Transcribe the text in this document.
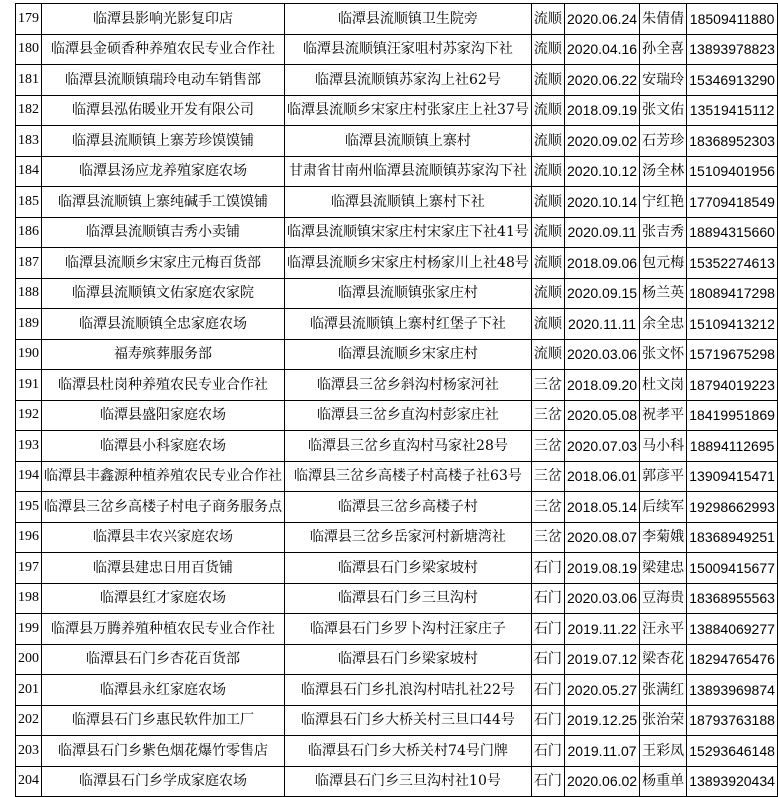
179	临潭县影响光影复印店	临潭县流顺镇卫生院旁	流顺	2020.06.24	朱倩倩	18509411880
180	临潭县金硕香种养殖农民专业合作社	临潭县流顺镇汪家咀村苏家沟下社	流顺	2020.04.16	孙全喜	13893978823
181	临潭县流顺镇瑞玲电动车销售部	临潭县流顺镇苏家沟上社62号	流顺	2020.06.22	安瑞玲	15346913290
182	临潭县泓佑暖业开发有限公司	临潭县流顺乡宋家庄村张家庄上社37号	流顺	2018.09.19	张文佑	13519415112
183	临潭县流顺镇上寨芳珍馍馍铺	临潭县流顺镇上寨村	流顺	2020.09.02	石芳珍	18368952303
184	临潭县汤应龙养殖家庭农场	甘肃省甘南州临潭县流顺镇苏家沟下社	流顺	2020.10.12	汤全林	15109401956
185	临潭县流顺镇上寨纯碱手工馍馍铺	临潭县流顺镇上寨村下社	流顺	2020.10.14	宁红艳	17709418549
186	临潭县流顺镇吉秀小卖铺	临潭县流顺镇宋家庄村宋家庄下社41号	流顺	2020.09.11	张吉秀	18894315660
187	临潭县流顺乡宋家庄元梅百货部	临潭县流顺乡宋家庄村杨家川上社48号	流顺	2018.09.06	包元梅	15352274613
188	临潭县流顺镇文佑家庭农家院	临潭县流顺镇张家庄村	流顺	2020.09.15	杨兰英	18089417298
189	临潭县流顺镇全忠家庭农场	临潭县流顺镇上寨村红堡子下社	流顺	2020.11.11	余全忠	15109413212
190	福寿殡葬服务部	临潭县流顺乡宋家庄村	流顺	2020.03.06	张文怀	15719675298
191	临潭县杜岗种养殖农民专业合作社	临潭县三岔乡斜沟村杨家河社	三岔	2018.09.20	杜文岗	18794019223
192	临潭县盛阳家庭农场	临潭县三岔乡直沟村彭家庄社	三岔	2020.05.08	祝孝平	18419951869
193	临潭县小科家庭农场	临潭县三岔乡直沟村马家社28号	三岔	2020.07.03	马小科	18894112695
194	临潭县丰鑫源种植养殖农民专业合作社	临潭县三岔乡高楼子村高楼子社63号	三岔	2018.06.01	郭彦平	13909415471
195	临潭县三岔乡高楼子村电子商务服务点	临潭县三岔乡高楼子村	三岔	2018.05.14	后续军	19298662993
196	临潭县丰农兴家庭农场	临潭县三岔乡岳家河村新塘湾社	三岔	2020.08.07	李菊娥	18368949251
197	临潭县建忠日用百货铺	临潭县石门乡梁家坡村	石门	2019.08.19	梁建忠	15009415677
198	临潭县红才家庭农场	临潭县石门乡三旦沟村	石门	2020.03.06	豆海贵	18368955563
199	临潭县万腾养殖种植农民专业合作社	临潭县石门乡罗卜沟村汪家庄子	石门	2019.11.22	汪永平	13884069277
200	临潭县石门乡杏花百货部	临潭县石门乡梁家坡村	石门	2019.07.12	梁杏花	18294765476
201	临潭县永红家庭农场	临潭县石门乡扎浪沟村咭扎社22号	石门	2020.05.27	张满红	13893969874
202	临潭县石门乡惠民软件加工厂	临潭县石门乡大桥关村三旦口44号	石门	2019.12.25	张治荣	18793763188
203	临潭县石门乡紫色烟花爆竹零售店	临潭县石门乡大桥关村74号门牌	石门	2019.11.07	王彩凤	15293646148
204	临潭县石门乡学成家庭农场	临潭县石门乡三旦沟村社10号	石门	2020.06.02	杨重单	13893920434
